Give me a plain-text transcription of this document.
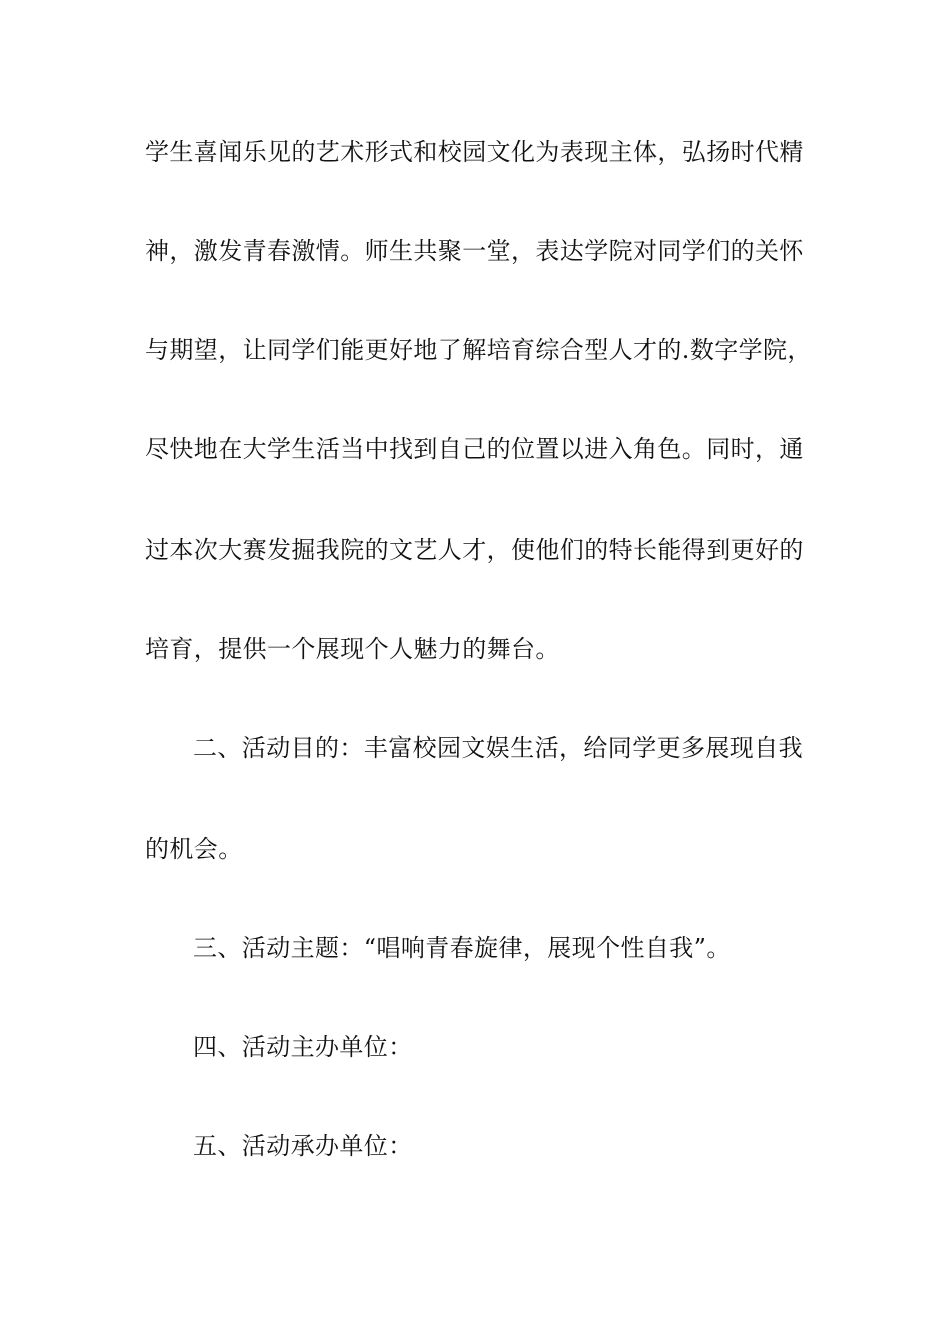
学生喜闻乐见的艺术形式和校园文化为表现主体，弘扬时代精
神，激发青春激情。师生共聚一堂，表达学院对同学们的关怀
与期望，让同学们能更好地了解培育综合型人才的.数字学院，
尽快地在大学生活当中找到自己的位置以进入角色。同时，通
过本次大赛发掘我院的文艺人才，使他们的特长能得到更好的
培育，提供一个展现个人魅力的舞台。
二、活动目的：丰富校园文娱生活，给同学更多展现自我
的机会。
三、活动主题：“唱响青春旋律，展现个性自我”。
四、活动主办单位：
五、活动承办单位：
